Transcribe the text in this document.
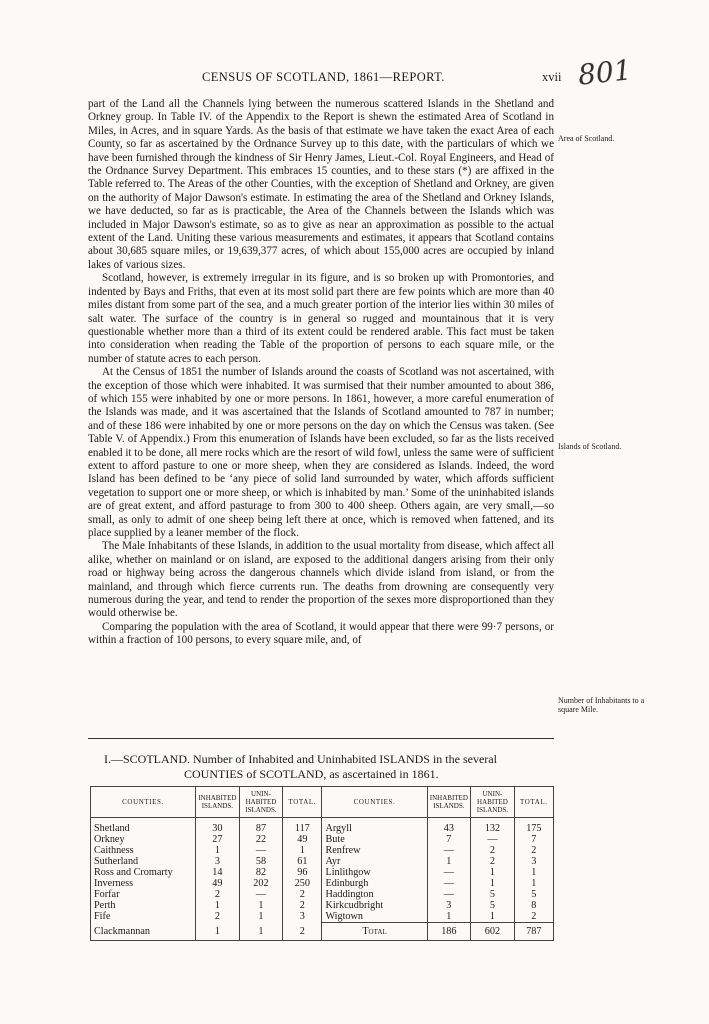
CENSUS OF SCOTLAND, 1861—REPORT.	xvii 801

part of the Land all the Channels lying between the numerous scattered Islands in the Shetland and Orkney group. In Table IV. of the Appendix to the Report is shewn the estimated Area of Scotland in Miles, in Acres, and in square Yards. As the basis of that estimate we have taken the exact Area of each County, so far as ascertained by the Ordnance Survey up to this date, with the particulars of which we have been furnished through the kindness of Sir Henry James, Lieut.-Col. Royal Engineers, and Head of the Ordnance Survey Department. This embraces 15 counties, and to these stars (*) are affixed in the Table referred to. The Areas of the other Counties, with the exception of Shetland and Orkney, are given on the authority of Major Dawson's estimate. In estimating the area of the Shetland and Orkney Islands, we have deducted, so far as is practicable, the Area of the Channels between the Islands which was included in Major Dawson's estimate, so as to give as near an approximation as possible to the actual extent of the Land. Uniting these various measurements and estimates, it appears that Scotland contains about 30,685 square miles, or 19,639,377 acres, of which about 155,000 acres are occupied by inland lakes of various sizes.

Scotland, however, is extremely irregular in its figure, and is so broken up with Promontories, and indented by Bays and Friths, that even at its most solid part there are few points which are more than 40 miles distant from some part of the sea, and a much greater portion of the interior lies within 30 miles of salt water. The surface of the country is in general so rugged and mountainous that it is very questionable whether more than a third of its extent could be rendered arable. This fact must be taken into consideration when reading the Table of the proportion of persons to each square mile, or the number of statute acres to each person.

At the Census of 1851 the number of Islands around the coasts of Scotland was not ascertained, with the exception of those which were inhabited. It was surmised that their number amounted to about 386, of which 155 were inhabited by one or more persons. In 1861, however, a more careful enumeration of the Islands was made, and it was ascertained that the Islands of Scotland amounted to 787 in number; and of these 186 were inhabited by one or more persons on the day on which the Census was taken. (See Table V. of Appendix.) From this enumeration of Islands have been excluded, so far as the lists received enabled it to be done, all mere rocks which are the resort of wild fowl, unless the same were of sufficient extent to afford pasture to one or more sheep, when they are considered as Islands. Indeed, the word Island has been defined to be ‘any piece of solid land surrounded by water, which affords sufficient vegetation to support one or more sheep, or which is inhabited by man.’ Some of the uninhabited islands are of great extent, and afford pasturage to from 300 to 400 sheep. Others again, are very small,—so small, as only to admit of one sheep being left there at once, which is removed when fattened, and its place supplied by a leaner member of the flock.

The Male Inhabitants of these Islands, in addition to the usual mortality from disease, which affect all alike, whether on mainland or on island, are exposed to the additional dangers arising from their only road or highway being across the dangerous channels which divide island from island, or from the mainland, and through which fierce currents run. The deaths from drowning are consequently very numerous during the year, and tend to render the proportion of the sexes more disproportioned than they would otherwise be.

Comparing the population with the area of Scotland, it would appear that there were 99·7 persons, or within a fraction of 100 persons, to every square mile, and, of

Area of Scotland.
Islands of Scotland.
Number of Inhabitants to a square Mile.
I.—SCOTLAND. Number of Inhabited and Uninhabited ISLANDS in the several
COUNTIES of SCOTLAND, as ascertained in 1861.
COUNTIES.	INHABITED ISLANDS.	UNIN- HABITED ISLANDS.	TOTAL.	COUNTIES.	INHABITED ISLANDS.	UNIN- HABITED ISLANDS.	TOTAL.
Shetland	30	87	117	Argyll	43	132	175
Orkney	27	22	49	Bute	7	—	7
Caithness	1	—	1	Renfrew	—	2	2
Sutherland	3	58	61	Ayr	1	2	3
Ross and Cromarty	14	82	96	Linlithgow	—	1	1
Inverness	49	202	250	Edinburgh	—	1	1
Forfar	2	—	2	Haddington	—	5	5
Perth	1	1	2	Kirkcudbright	3	5	8
Fife	2	1	3	Wigtown	1	1	2
Clackmannan	1	1	2	Total	186	602	787
